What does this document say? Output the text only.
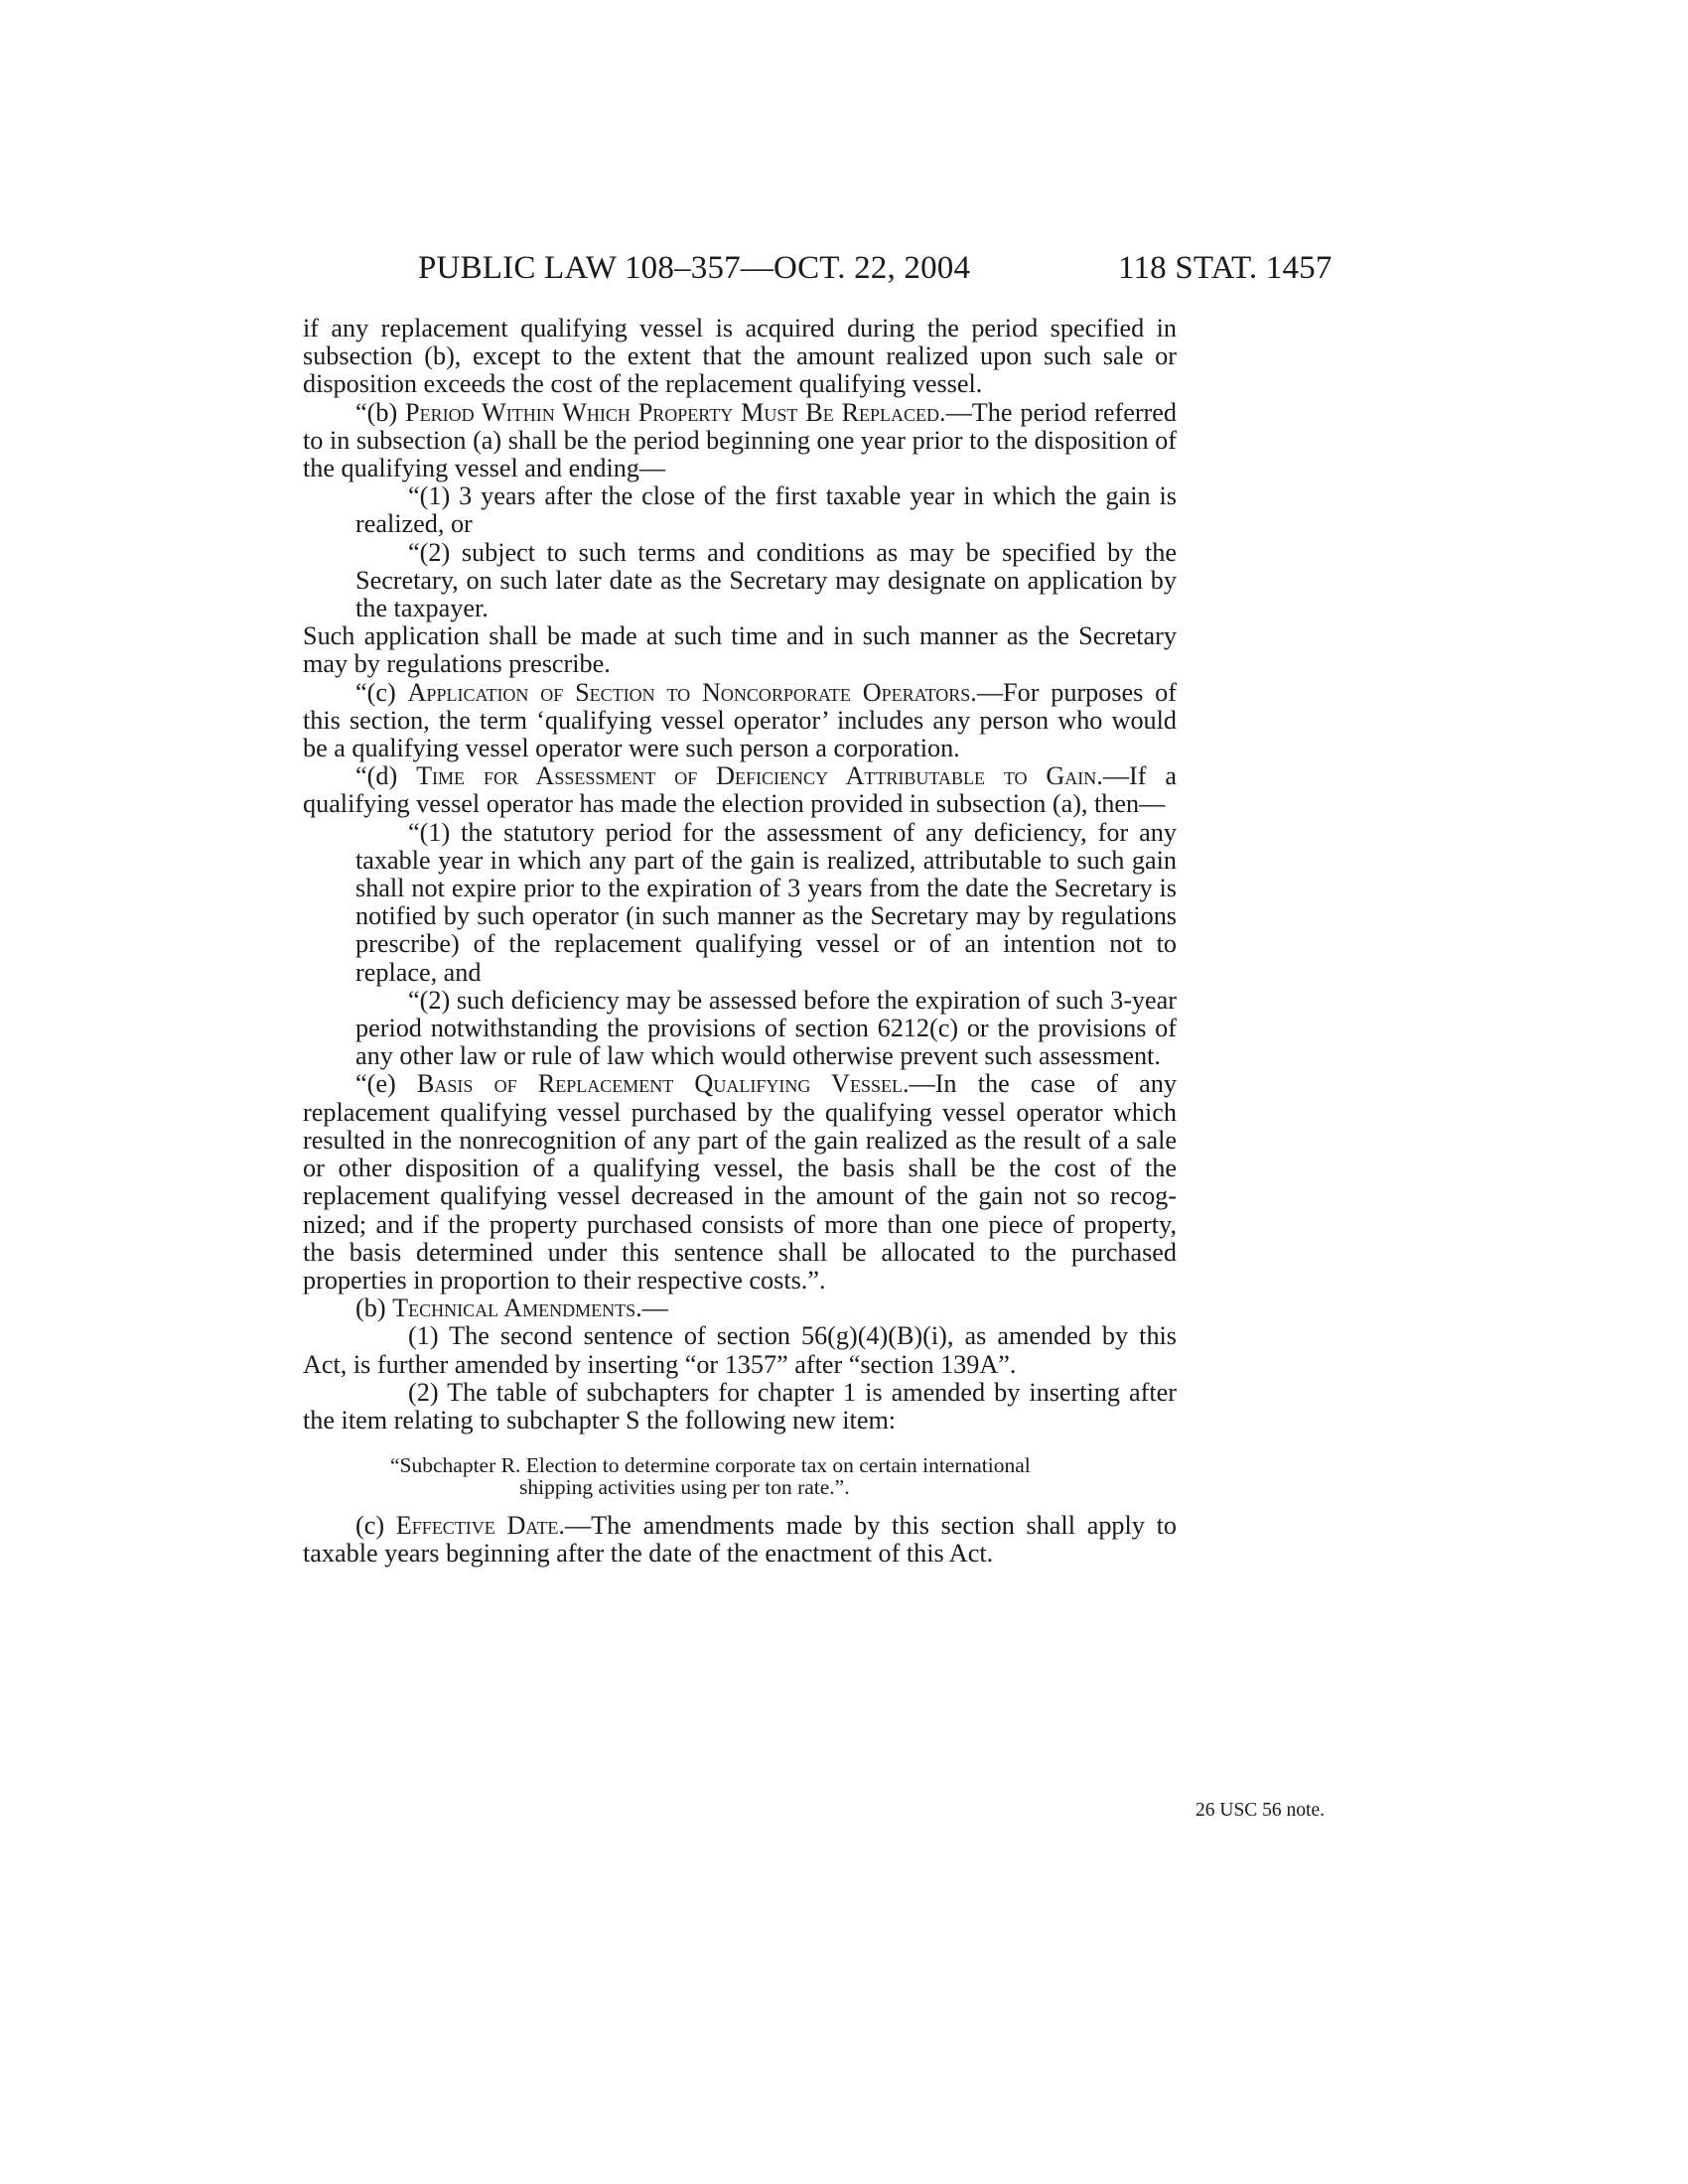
PUBLIC LAW 108–357—OCT. 22, 2004	118 STAT. 1457

if any replacement qualifying vessel is acquired during the period specified in subsection (b), except to the extent that the amount realized upon such sale or disposition exceeds the cost of the replacement qualifying vessel.

“(b) Period Within Which Property Must Be Replaced.—The period referred to in subsection (a) shall be the period beginning one year prior to the disposition of the qualifying vessel and ending—

“(1) 3 years after the close of the first taxable year in which the gain is realized, or

“(2) subject to such terms and conditions as may be specified by the Secretary, on such later date as the Secretary may designate on application by the taxpayer.

Such application shall be made at such time and in such manner as the Secretary may by regulations prescribe.

“(c) Application of Section to Noncorporate Operators.—For purposes of this section, the term ‘qualifying vessel operator’ includes any person who would be a qualifying vessel operator were such person a corporation.

“(d) Time for Assessment of Deficiency Attributable to Gain.—If a qualifying vessel operator has made the election provided in subsection (a), then—

“(1) the statutory period for the assessment of any deficiency, for any taxable year in which any part of the gain is realized, attributable to such gain shall not expire prior to the expiration of 3 years from the date the Secretary is notified by such operator (in such manner as the Secretary may by regulations prescribe) of the replacement qualifying vessel or of an intention not to replace, and

“(2) such deficiency may be assessed before the expiration of such 3-year period notwithstanding the provisions of section 6212(c) or the provisions of any other law or rule of law which would otherwise prevent such assessment.

“(e) Basis of Replacement Qualifying Vessel.—In the case of any replacement qualifying vessel purchased by the qualifying vessel operator which resulted in the nonrecognition of any part of the gain realized as the result of a sale or other disposition of a qualifying vessel, the basis shall be the cost of the replacement qualifying vessel decreased in the amount of the gain not so recognized; and if the property purchased consists of more than one piece of property, the basis determined under this sentence shall be allocated to the purchased properties in proportion to their respective costs.”.

(b) Technical Amendments.—

(1) The second sentence of section 56(g)(4)(B)(i), as amended by this Act, is further amended by inserting “or 1357” after “section 139A”.

(2) The table of subchapters for chapter 1 is amended by inserting after the item relating to subchapter S the following new item:

“Subchapter R. Election to determine corporate tax on certain international
shipping activities using per ton rate.”.

(c) Effective Date.—The amendments made by this section shall apply to taxable years beginning after the date of the enactment of this Act.

26 USC 56 note.
